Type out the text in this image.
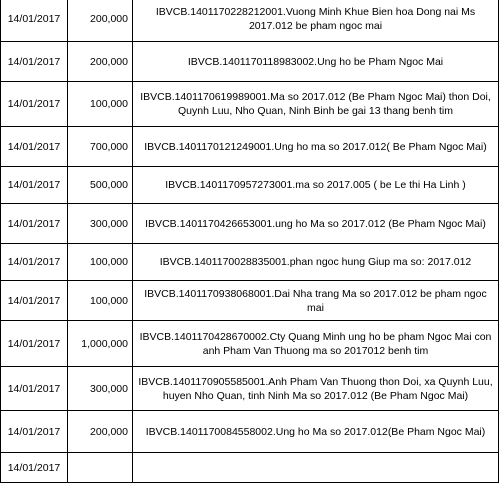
14/01/2017	200,000	IBVCB.1401170228212001.Vuong Minh Khue Bien hoa Dong nai Ms 2017.012 be pham ngoc mai
14/01/2017	200,000	IBVCB.1401170118983002.Ung ho be Pham Ngoc Mai
14/01/2017	100,000	IBVCB.1401170619989001.Ma so 2017.012 (Be Pham Ngoc Mai) thon Doi, Quynh Luu, Nho Quan, Ninh Binh be gai 13 thang benh tim
14/01/2017	700,000	IBVCB.1401170121249001.Ung ho ma so 2017.012( Be Pham Ngoc Mai)
14/01/2017	500,000	IBVCB.1401170957273001.ma so 2017.005 ( be Le thi Ha Linh )
14/01/2017	300,000	IBVCB.1401170426653001.ung ho Ma so 2017.012 (Be Pham Ngoc Mai)
14/01/2017	100,000	IBVCB.1401170028835001.phan ngoc hung Giup ma so: 2017.012
14/01/2017	100,000	IBVCB.1401170938068001.Dai Nha trang Ma so 2017.012 be pham ngoc mai
14/01/2017	1,000,000	IBVCB.1401170428670002.Cty Quang Minh ung ho be pham Ngoc Mai con anh Pham Van Thuong ma so 2017012 benh tim
14/01/2017	300,000	IBVCB.1401170905585001.Anh Pham Van Thuong thon Doi, xa Quynh Luu, huyen Nho Quan, tinh Ninh Ma so 2017.012 (Be Pham Ngoc Mai)
14/01/2017	200,000	IBVCB.1401170084558002.Ung ho Ma so 2017.012(Be Pham Ngoc Mai)
14/01/2017		
